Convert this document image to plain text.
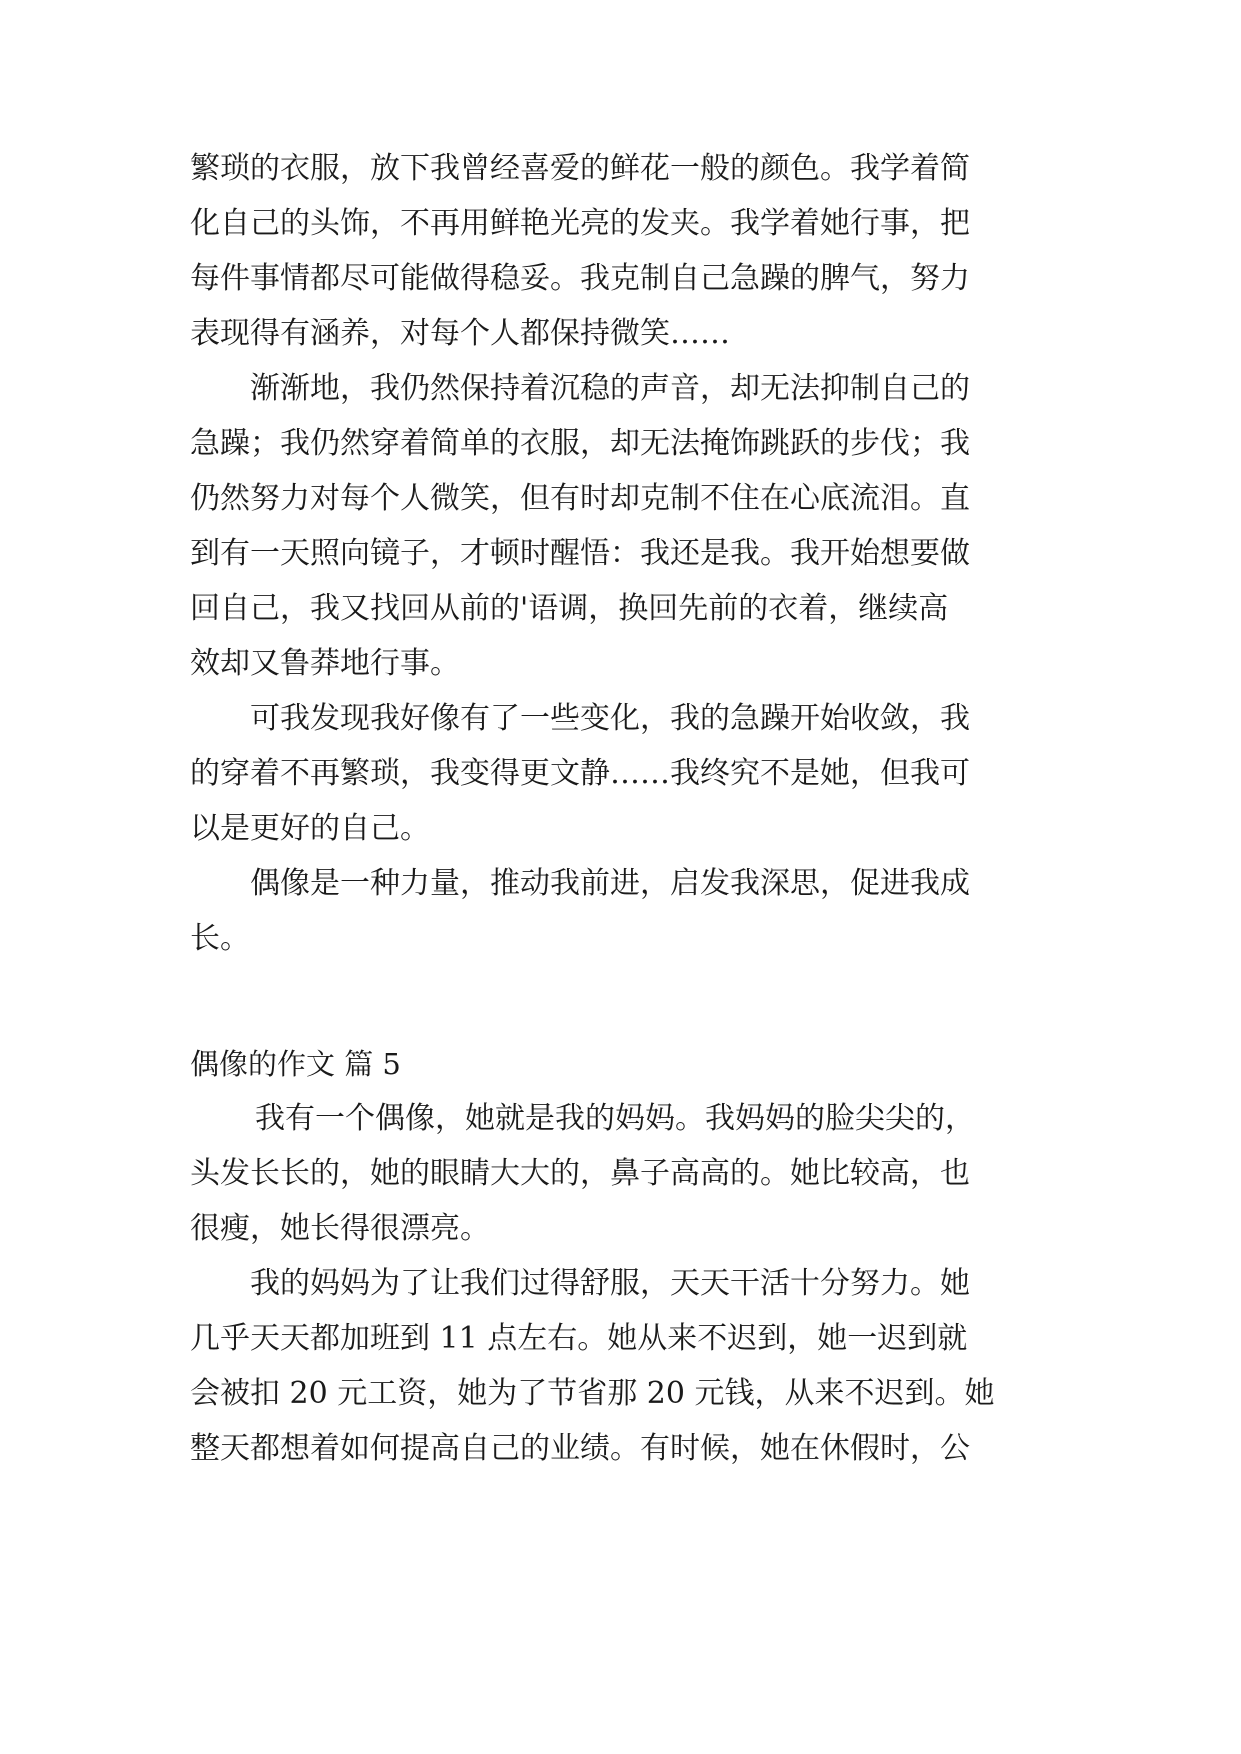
繁琐的衣服，放下我曾经喜爱的鲜花一般的颜色。我学着简
化自己的头饰，不再用鲜艳光亮的发夹。我学着她行事，把
每件事情都尽可能做得稳妥。我克制自己急躁的脾气，努力
表现得有涵养，对每个人都保持微笑……
渐渐地，我仍然保持着沉稳的声音，却无法抑制自己的
急躁；我仍然穿着简单的衣服，却无法掩饰跳跃的步伐；我
仍然努力对每个人微笑，但有时却克制不住在心底流泪。直
到有一天照向镜子，才顿时醒悟：我还是我。我开始想要做
回自己，我又找回从前的'语调，换回先前的衣着，继续高
效却又鲁莽地行事。
可我发现我好像有了一些变化，我的急躁开始收敛，我
的穿着不再繁琐，我变得更文静……我终究不是她，但我可
以是更好的自己。
偶像是一种力量，推动我前进，启发我深思，促进我成
长。
偶像的作文 篇 5
我有一个偶像，她就是我的妈妈。我妈妈的脸尖尖的，
头发长长的，她的眼睛大大的，鼻子高高的。她比较高，也
很瘦，她长得很漂亮。
我的妈妈为了让我们过得舒服，天天干活十分努力。她
几乎天天都加班到 11 点左右。她从来不迟到，她一迟到就
会被扣 20 元工资，她为了节省那 20 元钱，从来不迟到。她
整天都想着如何提高自己的业绩。有时候，她在休假时，公
